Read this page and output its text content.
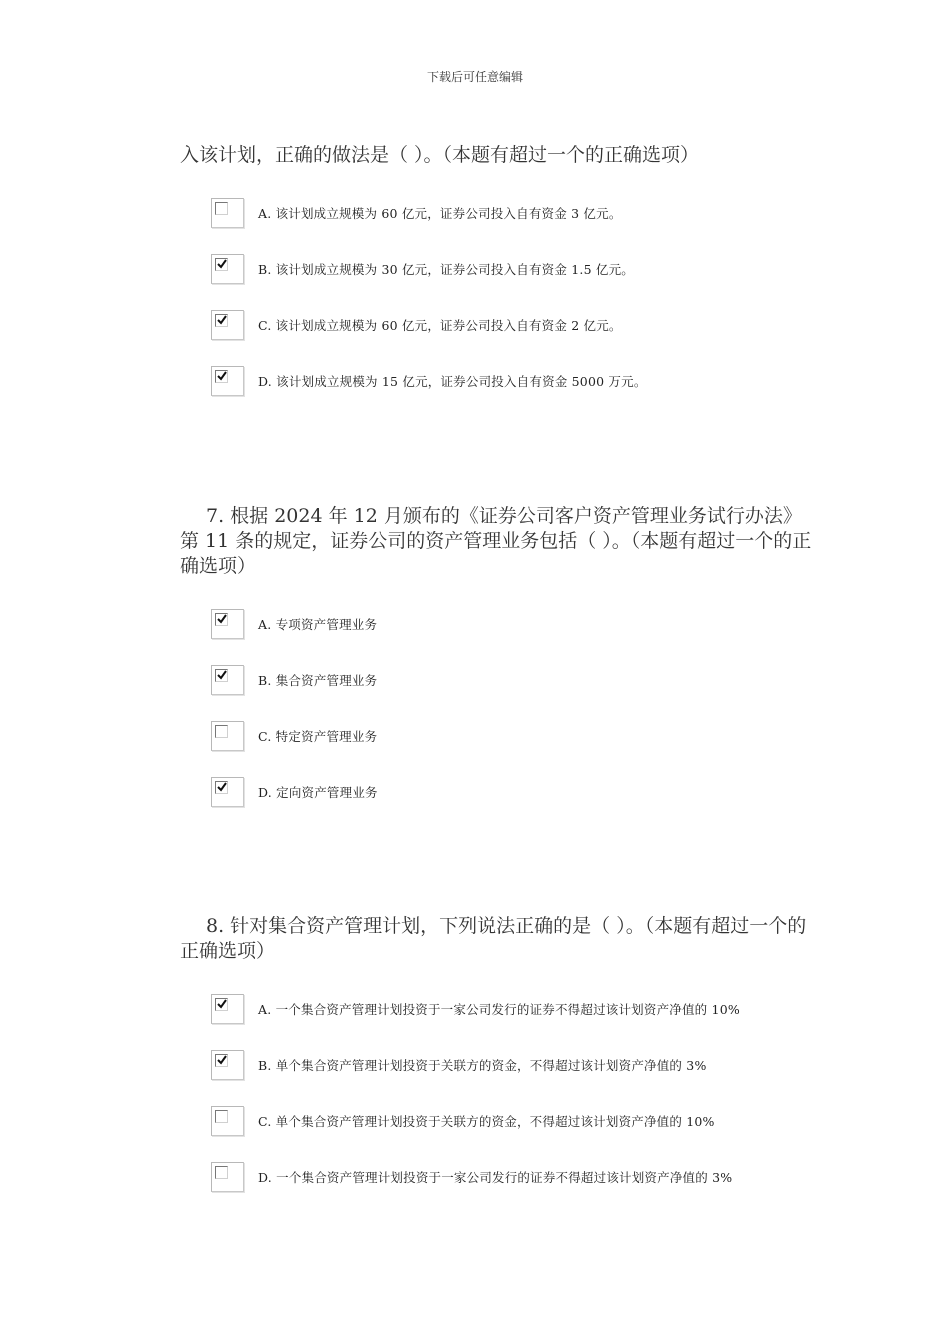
下载后可任意编辑

入该计划，正确的做法是（ ）。（本题有超过一个的正确选项）

A. 该计划成立规模为 60 亿元，证券公司投入自有资金 3 亿元。
B. 该计划成立规模为 30 亿元，证券公司投入自有资金 1.5 亿元。
C. 该计划成立规模为 60 亿元，证券公司投入自有资金 2 亿元。
D. 该计划成立规模为 15 亿元，证券公司投入自有资金 5000 万元。

7. 根据 2024 年 12 月颁布的《证券公司客户资产管理业务试行办法》第 11 条的规定，证券公司的资产管理业务包括（ ）。（本题有超过一个的正确选项）

A. 专项资产管理业务
B. 集合资产管理业务
C. 特定资产管理业务
D. 定向资产管理业务

8. 针对集合资产管理计划，下列说法正确的是（ ）。（本题有超过一个的正确选项）

A. 一个集合资产管理计划投资于一家公司发行的证券不得超过该计划资产净值的 10%
B. 单个集合资产管理计划投资于关联方的资金，不得超过该计划资产净值的 3%
C. 单个集合资产管理计划投资于关联方的资金，不得超过该计划资产净值的 10%
D. 一个集合资产管理计划投资于一家公司发行的证券不得超过该计划资产净值的 3%
